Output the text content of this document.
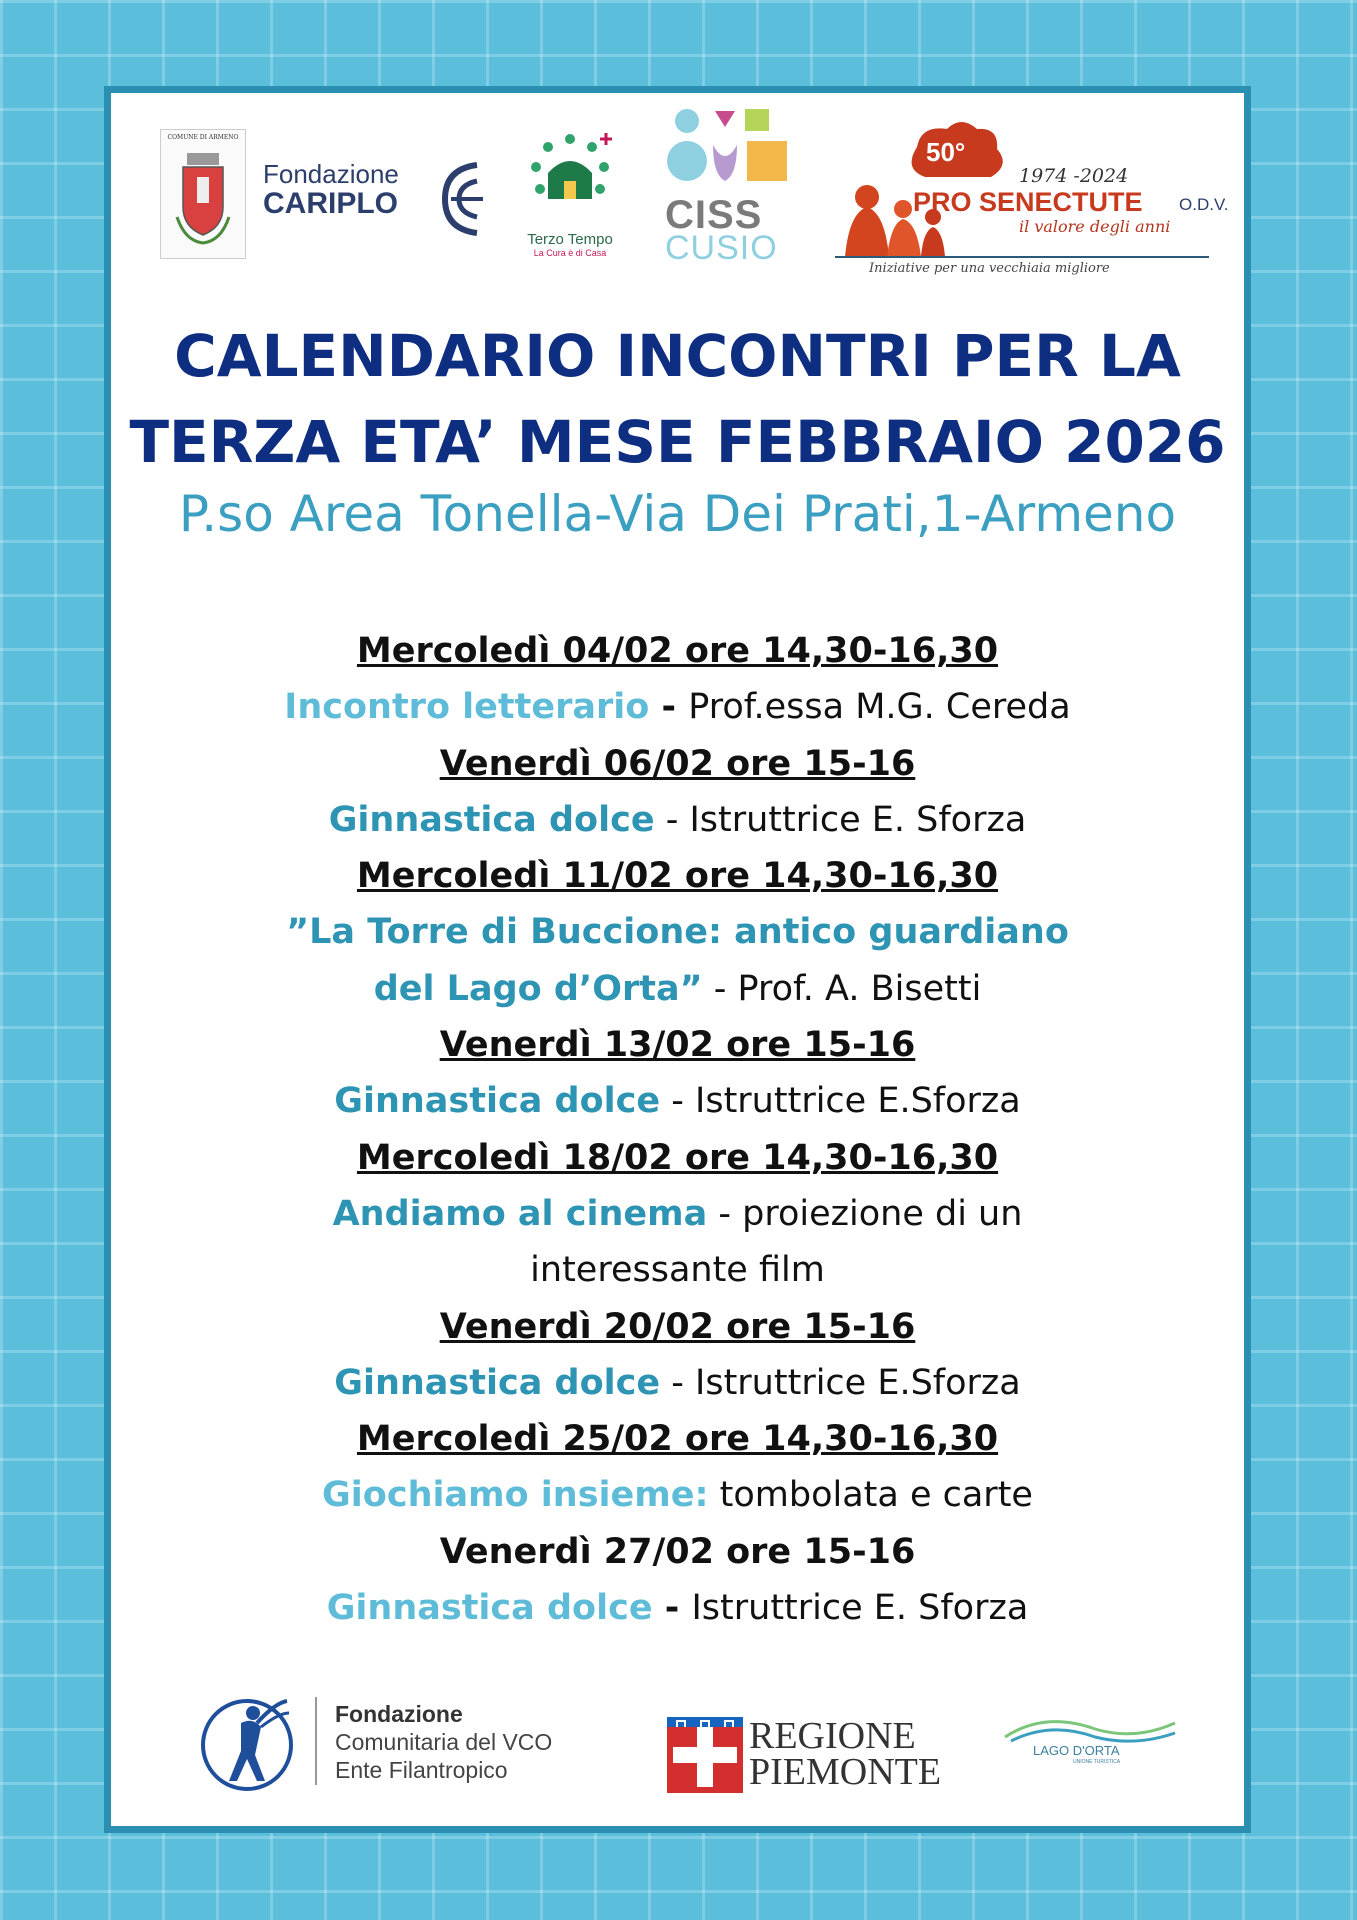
COMUNE DI ARMENO
Fondazione
CARIPLO
Terzo Tempo
La Cura è di Casa
CISS
CUSIO
50°
1974 -2024
PRO SENECTUTE O.D.V.
il valore degli anni
Iniziative per una vecchiaia migliore
CALENDARIO INCONTRI PER LA
TERZA ETA’ MESE FEBBRAIO 2026
P.so Area Tonella-Via Dei Prati,1-Armeno
Mercoledì 04/02 ore 14,30-16,30
Incontro letterario - Prof.essa M.G. Cereda
Venerdì 06/02 ore 15-16
Ginnastica dolce - Istruttrice E. Sforza
Mercoledì 11/02 ore 14,30-16,30
”La Torre di Buccione: antico guardiano
del Lago d’Orta” - Prof. A. Bisetti
Venerdì 13/02 ore 15-16
Ginnastica dolce - Istruttrice E.Sforza
Mercoledì 18/02 ore 14,30-16,30
Andiamo al cinema - proiezione di un
interessante film
Venerdì 20/02 ore 15-16
Ginnastica dolce - Istruttrice E.Sforza
Mercoledì 25/02 ore 14,30-16,30
Giochiamo insieme: tombolata e carte
Venerdì 27/02 ore 15-16
Ginnastica dolce - Istruttrice E. Sforza
Fondazione
Comunitaria del VCO
Ente Filantropico
REGIONE
PIEMONTE
LAGO D'ORTA
UNIONE TURISTICA
